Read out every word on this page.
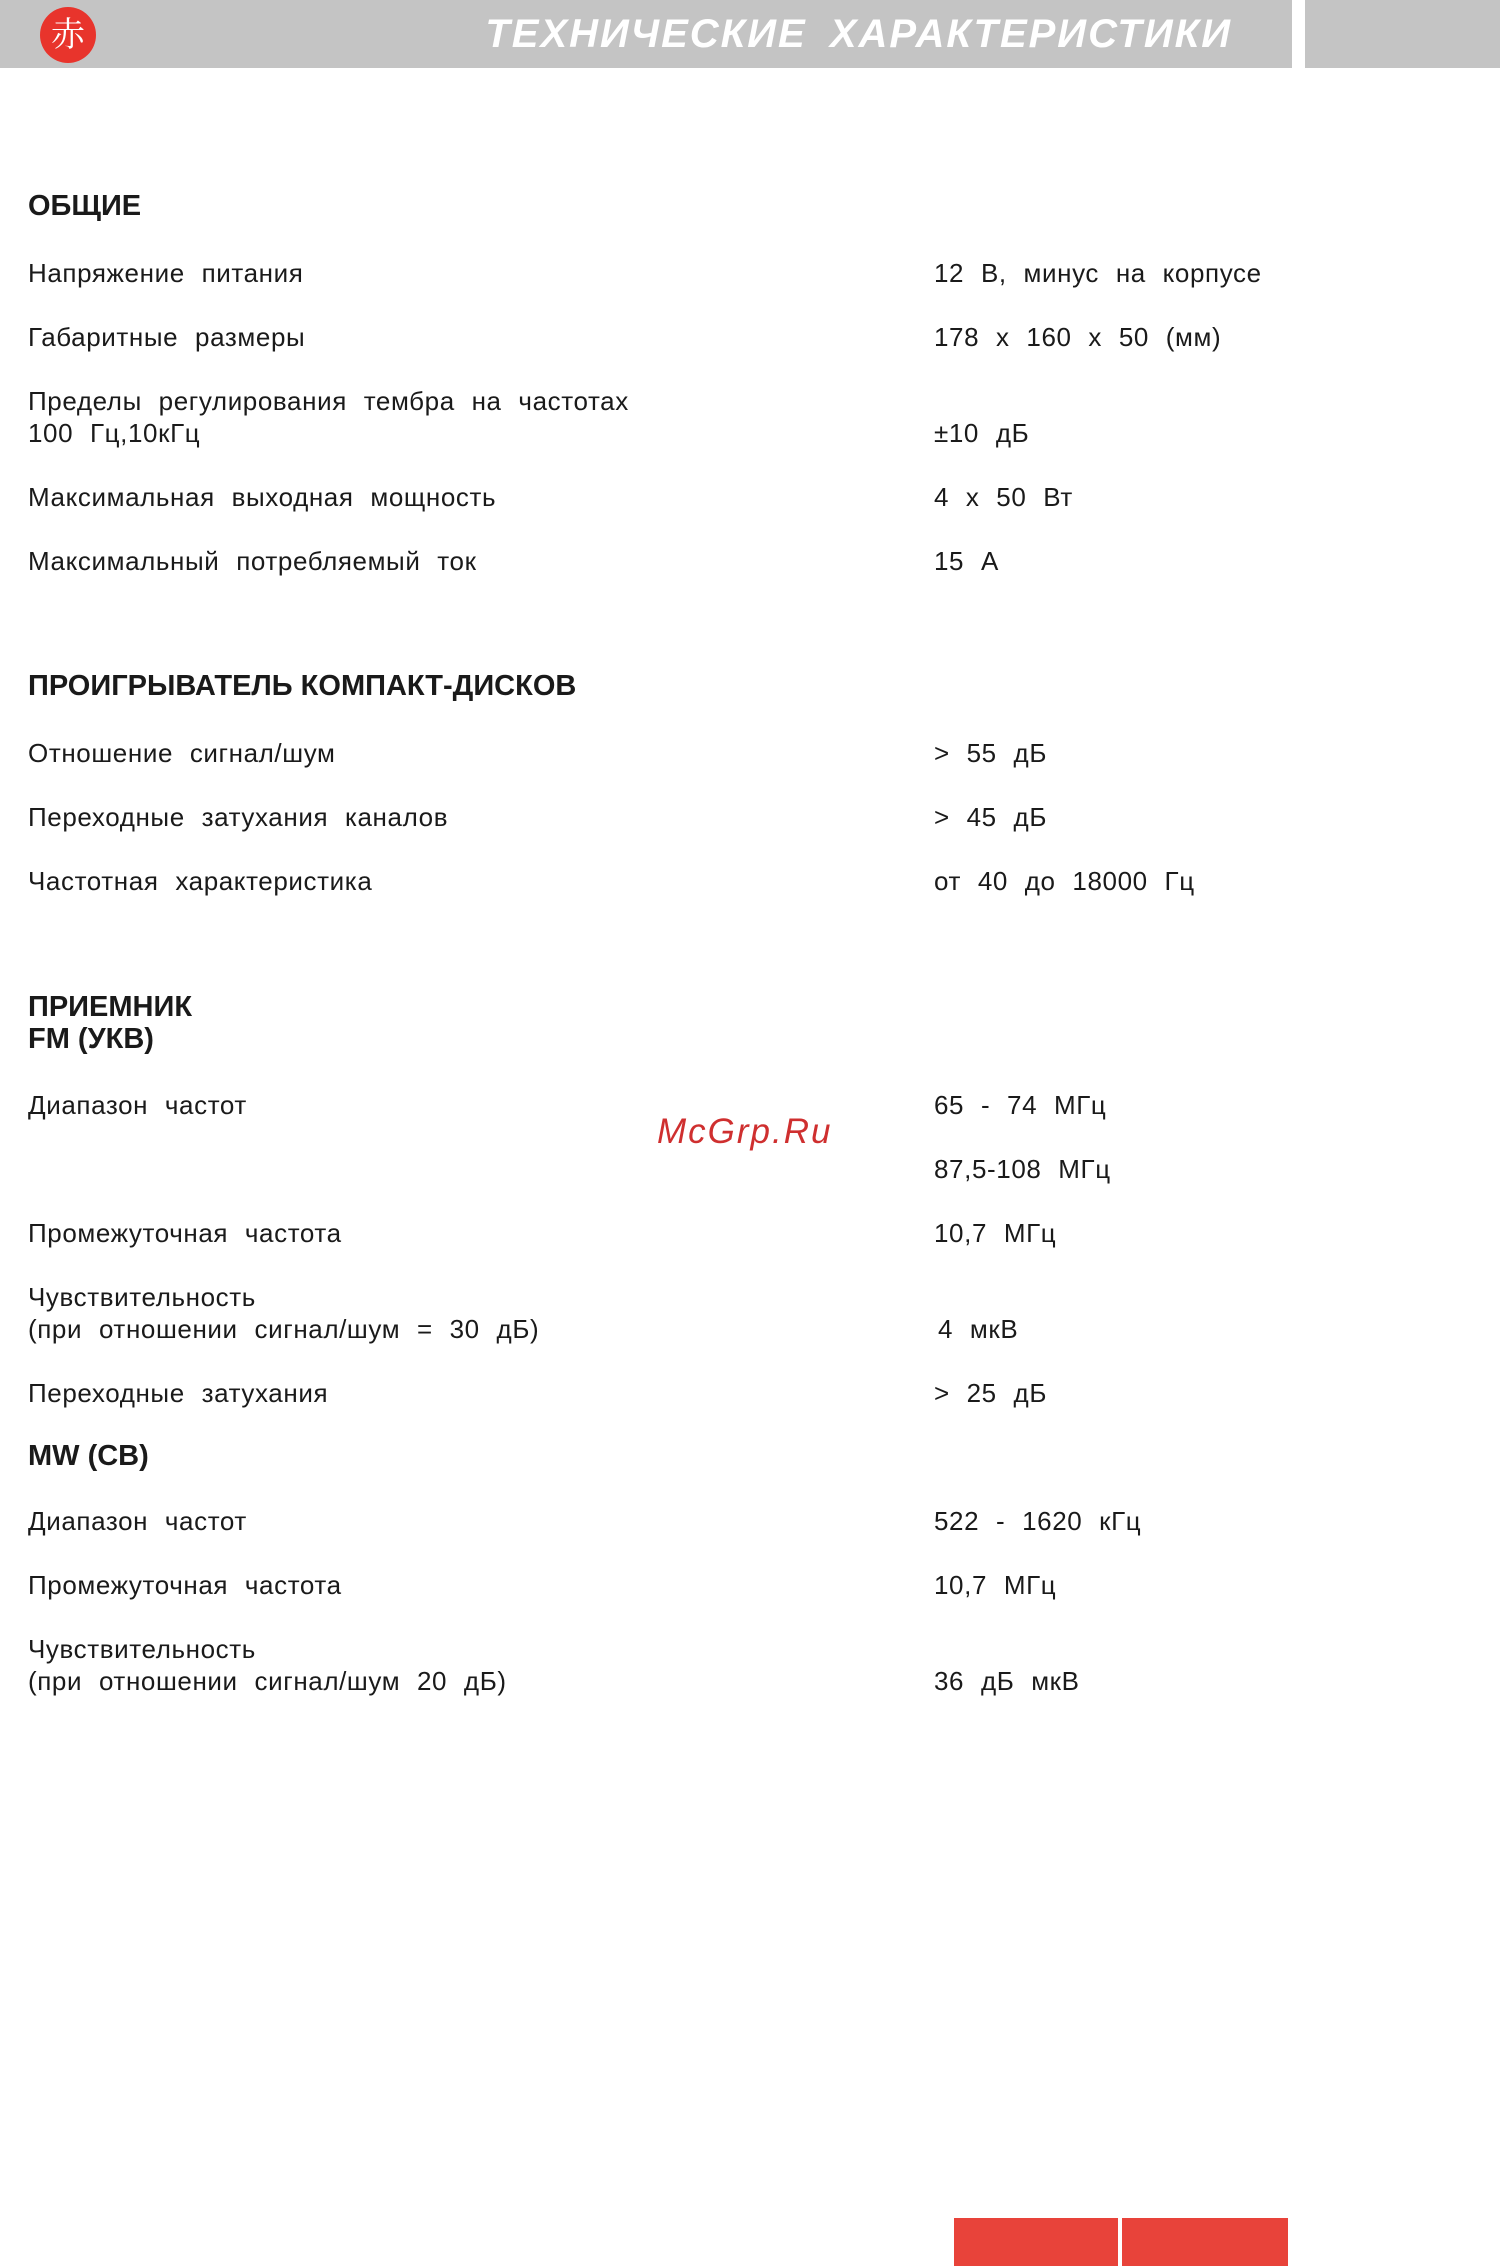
赤	ТЕХНИЧЕСКИЕ ХАРАКТЕРИСТИКИ
ОБЩИЕ
Напряжение питания	12 В, минус на корпусе
Габаритные размеры	178 x 160 x 50 (мм)
Пределы регулирования тембра на частотах
100 Гц,10кГц	±10 дБ
Максимальная выходная мощность	4 x 50 Вт
Максимальный потребляемый ток	15 А
ПРОИГРЫВАТЕЛЬ КОМПАКТ-ДИСКОВ
Отношение сигнал/шум	> 55 дБ
Переходные затухания каналов	> 45 дБ
Частотная характеристика	от 40 до 18000 Гц
ПРИЕМНИК
FM (УКВ)
Диапазон частот	65 - 74 МГц
87,5-108 МГц
Промежуточная частота	10,7 МГц
Чувствительность
(при отношении сигнал/шум = 30 дБ)	4 мкВ
Переходные затухания	> 25 дБ
MW (СВ)
Диапазон частот	522 - 1620 кГц
Промежуточная частота	10,7 МГц
Чувствительность
(при отношении сигнал/шум 20 дБ)	36 дБ мкВ
McGrp.Ru
